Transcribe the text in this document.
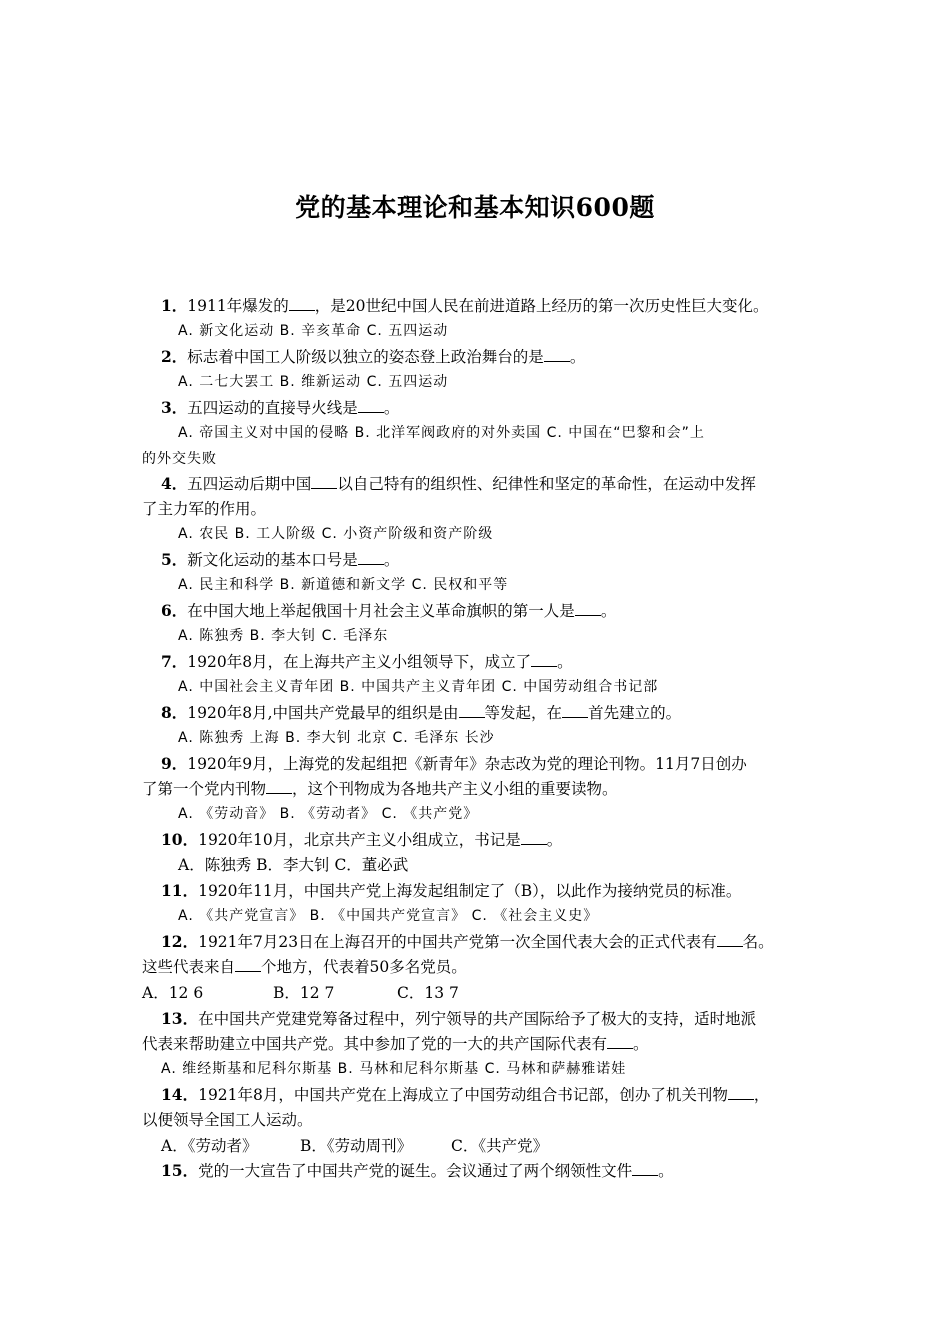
党的基本理论和基本知识600题
1．1911年爆发的 ，是20世纪中国人民在前进道路上经历的第一次历史性巨大变化。
A. 新文化运动 B. 辛亥革命 C. 五四运动
2．标志着中国工人阶级以独立的姿态登上政治舞台的是 。
A. 二七大罢工 B. 维新运动 C. 五四运动
3．五四运动的直接导火线是 。
A. 帝国主义对中国的侵略 B. 北洋军阀政府的对外卖国 C. 中国在“巴黎和会”上
的外交失败
4．五四运动后期中国 以自己特有的组织性、纪律性和坚定的革命性，在运动中发挥
了主力军的作用。
A. 农民 B. 工人阶级 C. 小资产阶级和资产阶级
5．新文化运动的基本口号是 。
A. 民主和科学 B. 新道德和新文学 C. 民权和平等
6．在中国大地上举起俄国十月社会主义革命旗帜的第一人是 。
A. 陈独秀 B. 李大钊 C. 毛泽东
7．1920年8月，在上海共产主义小组领导下，成立了 。
A. 中国社会主义青年团 B. 中国共产主义青年团 C. 中国劳动组合书记部
8．1920年8月,中国共产党最早的组织是由 等发起，在 首先建立的。
A. 陈独秀 上海 B. 李大钊 北京 C. 毛泽东 长沙
9．1920年9月，上海党的发起组把《新青年》杂志改为党的理论刊物。11月7日创办
了第一个党内刊物 ，这个刊物成为各地共产主义小组的重要读物。
A. 《劳动音》 B. 《劳动者》 C. 《共产党》
10．1920年10月，北京共产主义小组成立，书记是 。
A．陈独秀 B．李大钊 C．董必武
11．1920年11月，中国共产党上海发起组制定了（B），以此作为接纳党员的标准。
A. 《共产党宣言》 B. 《中国共产党宣言》 C. 《社会主义史》
12．1921年7月23日在上海召开的中国共产党第一次全国代表大会的正式代表有 名。
这些代表来自 个地方，代表着50多名党员。
A．12 6	B．12 7	C．13 7
13．在中国共产党建党筹备过程中，列宁领导的共产国际给予了极大的支持，适时地派
代表来帮助建立中国共产党。其中参加了党的一大的共产国际代表有 。
A. 维经斯基和尼科尔斯基 B. 马林和尼科尔斯基 C. 马林和萨赫雅诺娃
14．1921年8月，中国共产党在上海成立了中国劳动组合书记部，创办了机关刊物 ，
以便领导全国工人运动。
A．《劳动者》	B．《劳动周刊》	C．《共产党》
15．党的一大宣告了中国共产党的诞生。会议通过了两个纲领性文件 。
